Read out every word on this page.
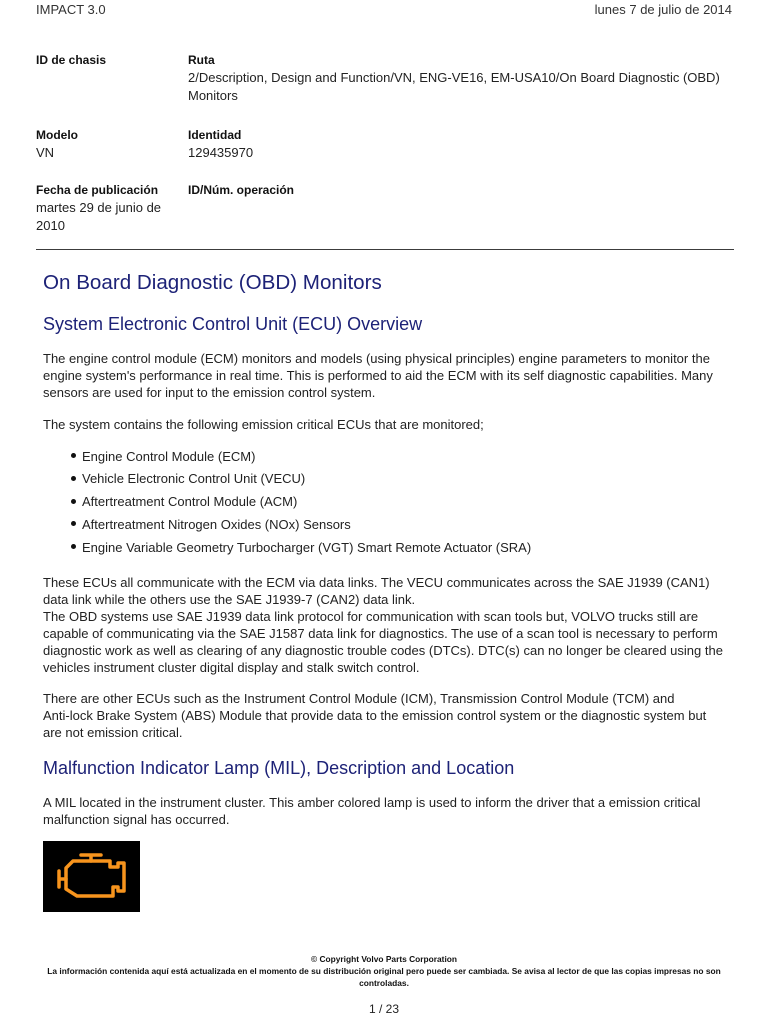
IMPACT 3.0	lunes 7 de julio de 2014
ID de chasis	Ruta
2/Description, Design and Function/VN, ENG-VE16, EM-USA10/On Board Diagnostic (OBD)
Monitors
Modelo
VN
Identidad
129435970
Fecha de publicación
martes 29 de junio de
2010
ID/Núm. operación
On Board Diagnostic (OBD) Monitors
System Electronic Control Unit (ECU) Overview
The engine control module (ECM) monitors and models (using physical principles) engine parameters to monitor the
engine system's performance in real time. This is performed to aid the ECM with its self diagnostic capabilities. Many
sensors are used for input to the emission control system.
The system contains the following emission critical ECUs that are monitored;
Engine Control Module (ECM)
Vehicle Electronic Control Unit (VECU)
Aftertreatment Control Module (ACM)
Aftertreatment Nitrogen Oxides (NOx) Sensors
Engine Variable Geometry Turbocharger (VGT) Smart Remote Actuator (SRA)
These ECUs all communicate with the ECM via data links. The VECU communicates across the SAE J1939 (CAN1)
data link while the others use the SAE J1939-7 (CAN2) data link.
The OBD systems use SAE J1939 data link protocol for communication with scan tools but, VOLVO trucks still are
capable of communicating via the SAE J1587 data link for diagnostics. The use of a scan tool is necessary to perform
diagnostic work as well as clearing of any diagnostic trouble codes (DTCs). DTC(s) can no longer be cleared using the
vehicles instrument cluster digital display and stalk switch control.
There are other ECUs such as the Instrument Control Module (ICM), Transmission Control Module (TCM) and
Anti-lock Brake System (ABS) Module that provide data to the emission control system or the diagnostic system but
are not emission critical.
Malfunction Indicator Lamp (MIL), Description and Location
A MIL located in the instrument cluster. This amber colored lamp is used to inform the driver that a emission critical
malfunction signal has occurred.
© Copyright Volvo Parts Corporation
La información contenida aquí está actualizada en el momento de su distribución original pero puede ser cambiada. Se avisa al lector de que las copias impresas no son
controladas.
1 / 23
